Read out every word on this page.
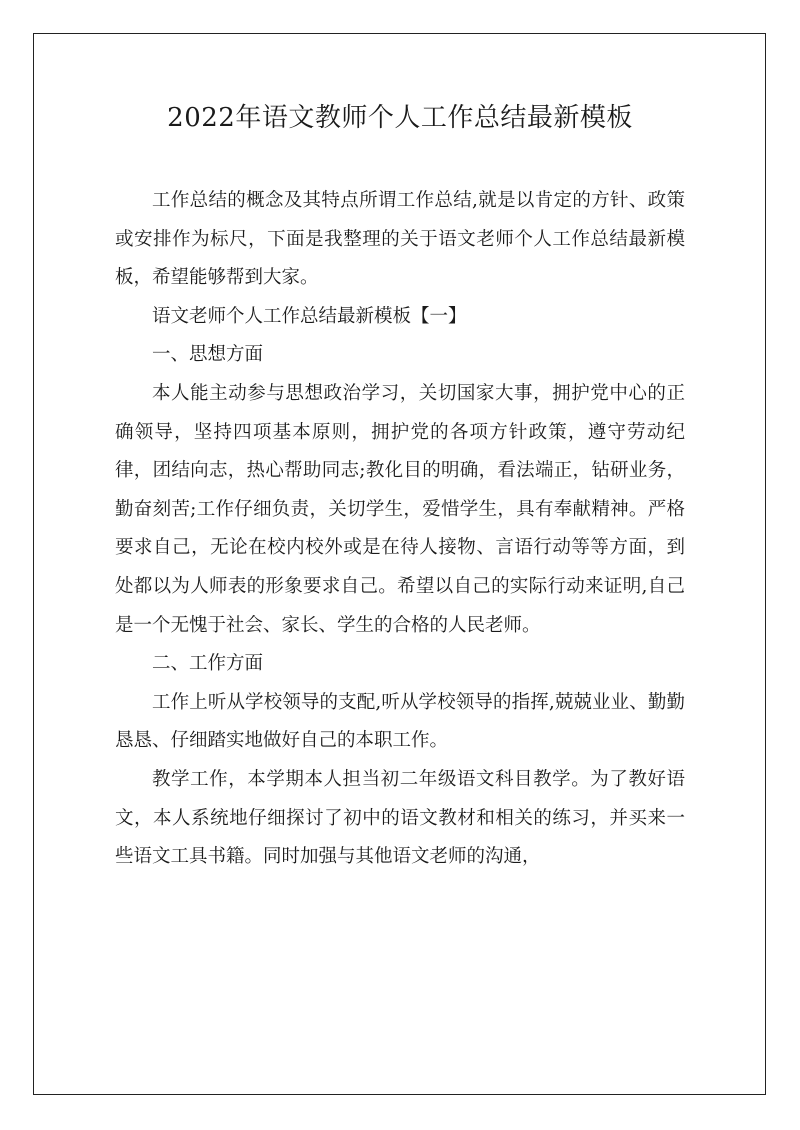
2022年语文教师个人工作总结最新模板

工作总结的概念及其特点所谓工作总结,就是以肯定的方针、政策或安排作为标尺，下面是我整理的关于语文老师个人工作总结最新模板，希望能够帮到大家。

语文老师个人工作总结最新模板【一】

一、思想方面

本人能主动参与思想政治学习，关切国家大事，拥护党中心的正确领导，坚持四项基本原则，拥护党的各项方针政策，遵守劳动纪律，团结向志，热心帮助同志;教化目的明确，看法端正，钻研业务，勤奋刻苦;工作仔细负责，关切学生，爱惜学生，具有奉献精神。严格要求自己，无论在校内校外或是在待人接物、言语行动等等方面，到处都以为人师表的形象要求自己。希望以自己的实际行动来证明,自己是一个无愧于社会、家长、学生的合格的人民老师。

二、工作方面

工作上听从学校领导的支配,听从学校领导的指挥,兢兢业业、勤勤恳恳、仔细踏实地做好自己的本职工作。

教学工作，本学期本人担当初二年级语文科目教学。为了教好语文，本人系统地仔细探讨了初中的语文教材和相关的练习，并买来一些语文工具书籍。同时加强与其他语文老师的沟通，
